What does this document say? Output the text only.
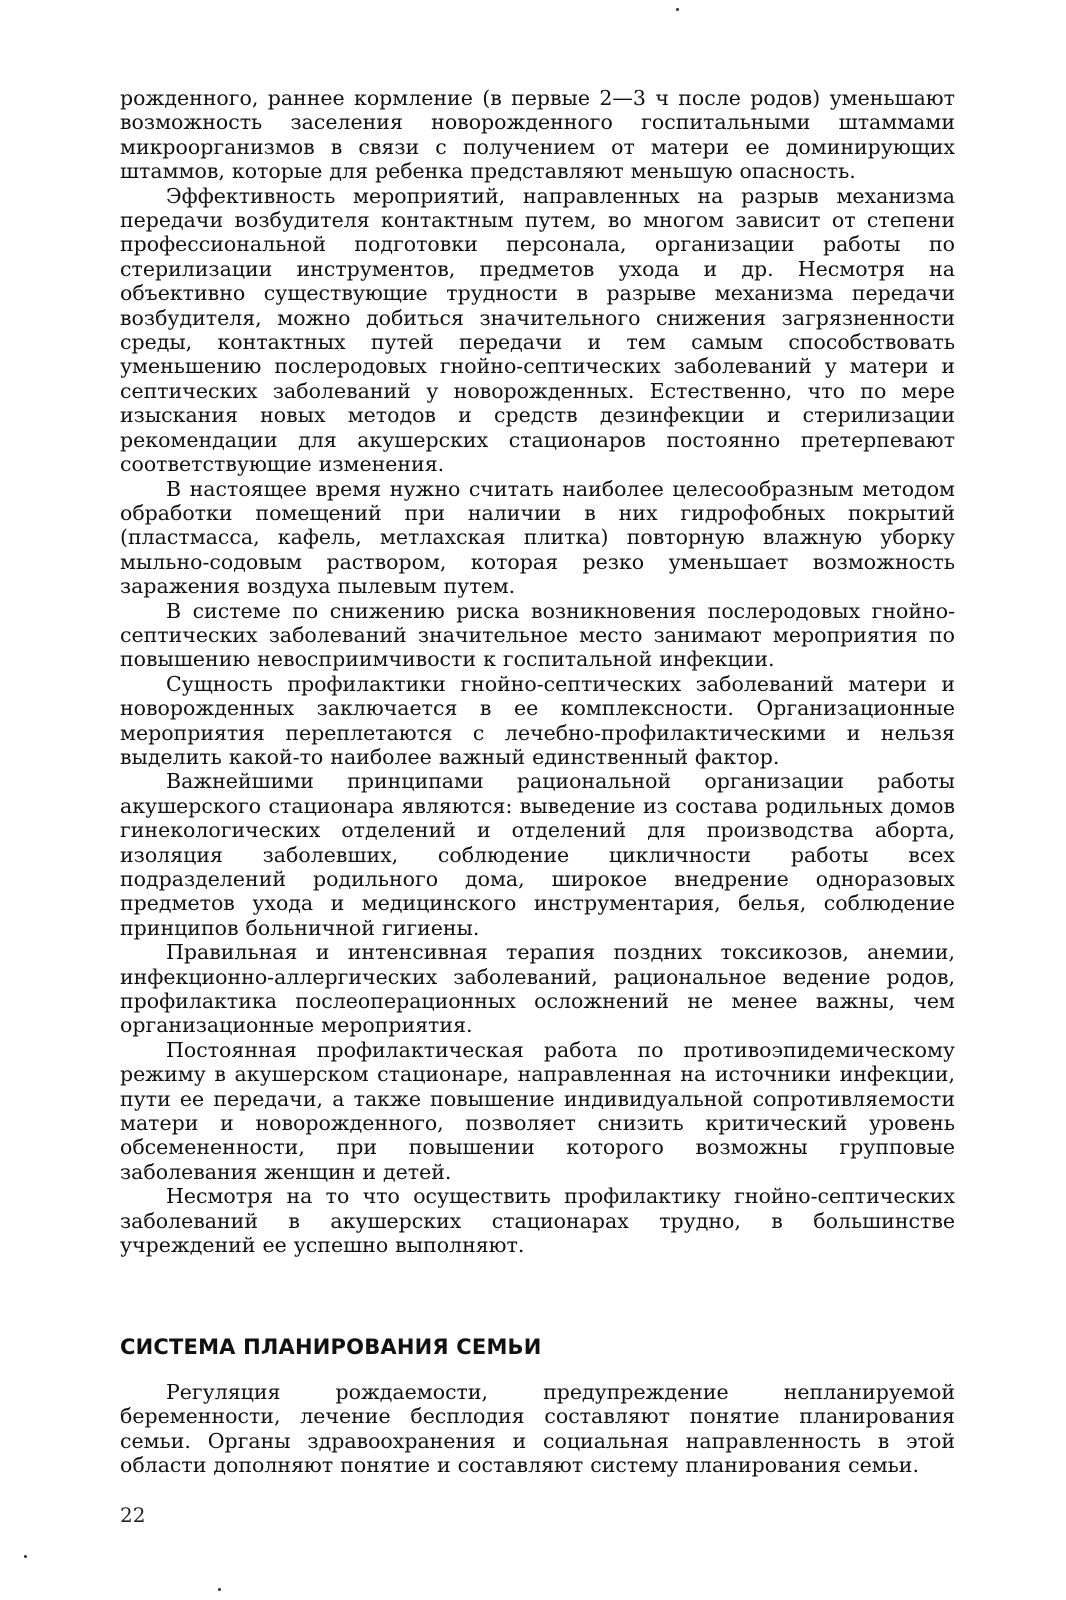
рожденного, раннее кормление (в первые 2—3 ч после родов) уменьшают возможность заселения новорожденного госпитальными штаммами микроорганизмов в связи с получением от матери ее доминирующих штаммов, которые для ребенка представляют меньшую опасность.

Эффективность мероприятий, направленных на разрыв механизма передачи возбудителя контактным путем, во многом зависит от степени профессиональной подготовки персонала, организации работы по стерилизации инструментов, предметов ухода и др. Несмотря на объективно существующие трудности в разрыве механизма передачи возбудителя, можно добиться значительного снижения загрязненности среды, контактных путей передачи и тем самым способствовать уменьшению послеродовых гнойно-септических заболеваний у матери и септических заболеваний у новорожденных. Естественно, что по мере изыскания новых методов и средств дезинфекции и стерилизации рекомендации для акушерских стационаров постоянно претерпевают соответствующие изменения.

В настоящее время нужно считать наиболее целесообразным методом обработки помещений при наличии в них гидрофобных покрытий (пластмасса, кафель, метлахская плитка) повторную влажную уборку мыльно-содовым раствором, которая резко уменьшает возможность заражения воздуха пылевым путем.

В системе по снижению риска возникновения послеродовых гнойно-септических заболеваний значительное место занимают мероприятия по повышению невосприимчивости к госпитальной инфекции.

Сущность профилактики гнойно-септических заболеваний матери и новорожденных заключается в ее комплексности. Организационные мероприятия переплетаются с лечебно-профилактическими и нельзя выделить какой-то наиболее важный единственный фактор.

Важнейшими принципами рациональной организации работы акушерского стационара являются: выведение из состава родильных домов гинекологических отделений и отделений для производства аборта, изоляция заболевших, соблюдение цикличности работы всех подразделений родильного дома, широкое внедрение одноразовых предметов ухода и медицинского инструментария, белья, соблюдение принципов больничной гигиены.

Правильная и интенсивная терапия поздних токсикозов, анемии, инфекционно-аллергических заболеваний, рациональное ведение родов, профилактика послеоперационных осложнений не менее важны, чем организационные мероприятия.

Постоянная профилактическая работа по противоэпидемическому режиму в акушерском стационаре, направленная на источники инфекции, пути ее передачи, а также повышение индивидуальной сопротивляемости матери и новорожденного, позволяет снизить критический уровень обсемененности, при повышении которого возможны групповые заболевания женщин и детей.

Несмотря на то что осуществить профилактику гнойно-септических заболеваний в акушерских стационарах трудно, в большинстве учреждений ее успешно выполняют.

СИСТЕМА ПЛАНИРОВАНИЯ СЕМЬИ

Регуляция рождаемости, предупреждение непланируемой беременности, лечение бесплодия составляют понятие планирования семьи. Органы здравоохранения и социальная направленность в этой области дополняют понятие и составляют систему планирования семьи.

22
